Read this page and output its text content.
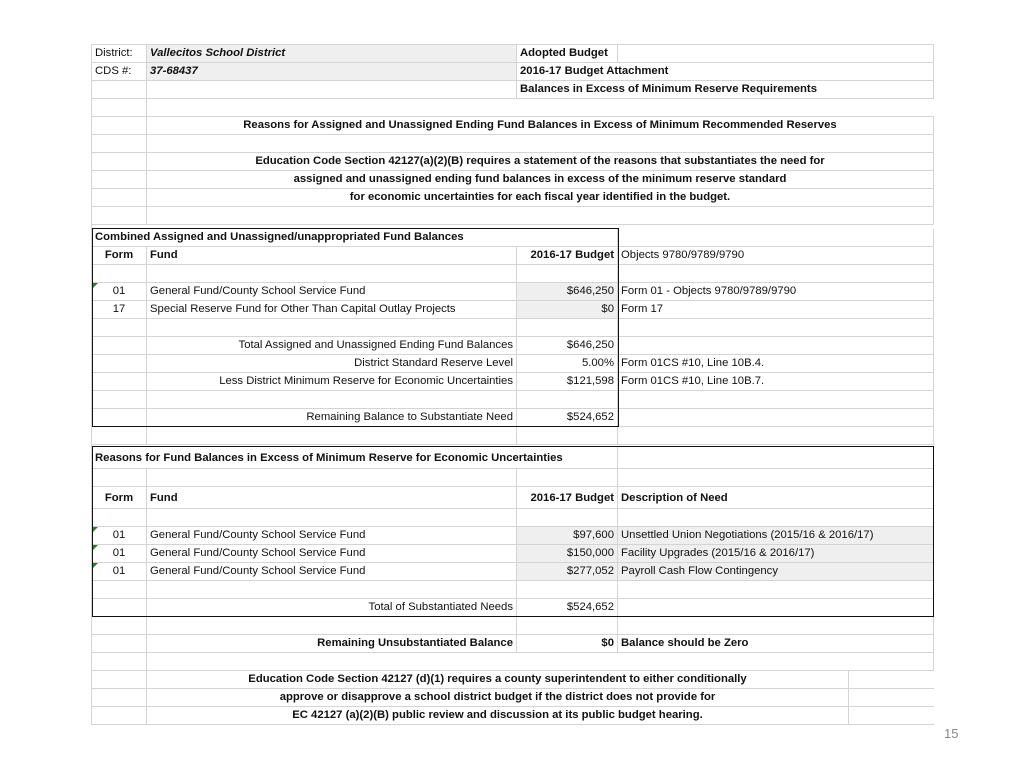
District:	Vallecitos School District	Adopted Budget
CDS #:	37-68437	2016-17 Budget Attachment
Balances in Excess of Minimum Reserve Requirements
Reasons for Assigned and Unassigned Ending Fund Balances in Excess of Minimum Recommended Reserves
Education Code Section 42127(a)(2)(B) requires a statement of the reasons that substantiates the need for
assigned and unassigned ending fund balances in excess of the minimum reserve standard
for economic uncertainties for each fiscal year identified in the budget.
Combined Assigned and Unassigned/unappropriated Fund Balances
Form	Fund	2016-17 Budget Objects 9780/9789/9790
01	General Fund/County School Service Fund	$646,250 Form 01 - Objects 9780/9789/9790
17	Special Reserve Fund for Other Than Capital Outlay Projects	$0 Form 17
Total Assigned and Unassigned Ending Fund Balances	$646,250
District Standard Reserve Level	5.00% Form 01CS #10, Line 10B.4.
Less District Minimum Reserve for Economic Uncertainties	$121,598 Form 01CS #10, Line 10B.7.
Remaining Balance to Substantiate Need	$524,652
Reasons for Fund Balances in Excess of Minimum Reserve for Economic Uncertainties
Form	Fund	2016-17 Budget Description of Need
01	General Fund/County School Service Fund	$97,600 Unsettled Union Negotiations (2015/16 & 2016/17)
01	General Fund/County School Service Fund	$150,000 Facility Upgrades (2015/16 & 2016/17)
01	General Fund/County School Service Fund	$277,052 Payroll Cash Flow Contingency
Total of Substantiated Needs	$524,652
Remaining Unsubstantiated Balance	$0 Balance should be Zero
Education Code Section 42127 (d)(1) requires a county superintendent to either conditionally
approve or disapprove a school district budget if the district does not provide for
EC 42127 (a)(2)(B) public review and discussion at its public budget hearing.
15
